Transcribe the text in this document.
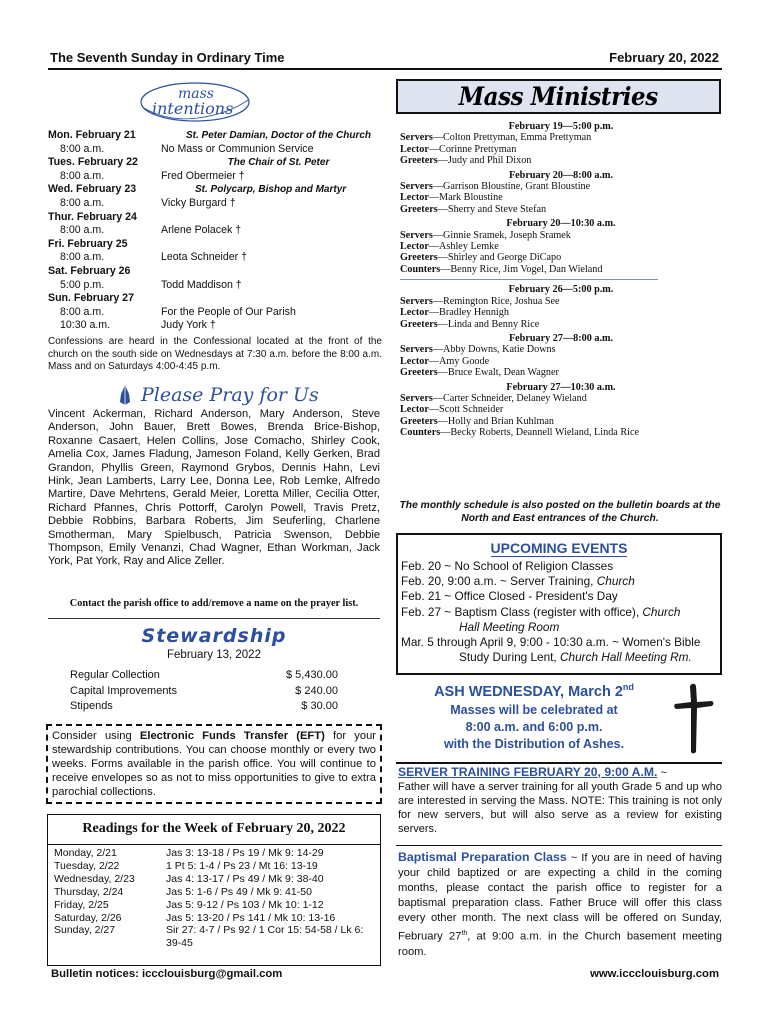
The Seventh Sunday in Ordinary Time	February 20, 2022
mass
intentions
Mon. February 21	St. Peter Damian, Doctor of the Church
8:00 a.m.	No Mass or Communion Service
Tues. February 22	The Chair of St. Peter
8:00 a.m.	Fred Obermeier †
Wed. February 23	St. Polycarp, Bishop and Martyr
8:00 a.m.	Vicky Burgard †
Thur. February 24
8:00 a.m.	Arlene Polacek †
Fri. February 25
8:00 a.m.	Leota Schneider †
Sat. February 26
5:00 p.m.	Todd Maddison †
Sun. February 27
8:00 a.m.	For the People of Our Parish
10:30 a.m.	Judy York †
Confessions are heard in the Confessional located at the front of the church on the south side on Wednesdays at 7:30 a.m. before the 8:00 a.m. Mass and on Saturdays 4:00-4:45 p.m.
Please Pray for Us
Vincent Ackerman, Richard Anderson, Mary Anderson, Steve Anderson, John Bauer, Brett Bowes, Brenda Brice-Bishop, Roxanne Casaert, Helen Collins, Jose Comacho, Shirley Cook, Amelia Cox, James Fladung, Jameson Foland, Kelly Gerken, Brad Grandon, Phyllis Green, Raymond Grybos, Dennis Hahn, Levi Hink, Jean Lamberts, Larry Lee, Donna Lee, Rob Lemke, Alfredo Martire, Dave Mehrtens, Gerald Meier, Loretta Miller, Cecilia Otter, Richard Pfannes, Chris Pottorff, Carolyn Powell, Travis Pretz, Debbie Robbins, Barbara Roberts, Jim Seuferling, Charlene Smotherman, Mary Spielbusch, Patricia Swenson, Debbie Thompson, Emily Venanzi, Chad Wagner, Ethan Workman, Jack York, Pat York, Ray and Alice Zeller.
Contact the parish office to add/remove a name on the prayer list.
Stewardship
February 13, 2022
Regular Collection	$ 5,430.00
Capital Improvements	$ 240.00
Stipends	$ 30.00
Consider using Electronic Funds Transfer (EFT) for your stewardship contributions. You can choose monthly or every two weeks. Forms available in the parish office. You will continue to receive envelopes so as not to miss opportunities to give to extra parochial collections.
Readings for the Week of February 20, 2022
Monday, 2/21	Jas 3: 13-18 / Ps 19 / Mk 9: 14-29
Tuesday, 2/22	1 Pt 5: 1-4 / Ps 23 / Mt 16: 13-19
Wednesday, 2/23	Jas 4: 13-17 / Ps 49 / Mk 9: 38-40
Thursday, 2/24	Jas 5: 1-6 / Ps 49 / Mk 9: 41-50
Friday, 2/25	Jas 5: 9-12 / Ps 103 / Mk 10: 1-12
Saturday, 2/26	Jas 5: 13-20 / Ps 141 / Mk 10: 13-16
Sunday, 2/27	Sir 27: 4-7 / Ps 92 / 1 Cor 15: 54-58 / Lk 6: 39-45
Bulletin notices: iccclouisburg@gmail.com	www.iccclouisburg.com
Mass Ministries
February 19—5:00 p.m.
Servers—Colton Prettyman, Emma Prettyman
Lector—Corinne Prettyman
Greeters—Judy and Phil Dixon
February 20—8:00 a.m.
Servers—Garrison Bloustine, Grant Bloustine
Lector—Mark Bloustine
Greeters—Sherry and Steve Stefan
February 20—10:30 a.m.
Servers—Ginnie Sramek, Joseph Sramek
Lector—Ashley Lemke
Greeters—Shirley and George DiCapo
Counters—Benny Rice, Jim Vogel, Dan Wieland
February 26—5:00 p.m.
Servers—Remington Rice, Joshua See
Lector—Bradley Hennigh
Greeters—Linda and Benny Rice
February 27—8:00 a.m.
Servers—Abby Downs, Katie Downs
Lector—Amy Goode
Greeters—Bruce Ewalt, Dean Wagner
February 27—10:30 a.m.
Servers—Carter Schneider, Delaney Wieland
Lector—Scott Schneider
Greeters—Holly and Brian Kuhlman
Counters—Becky Roberts, Deannell Wieland, Linda Rice
The monthly schedule is also posted on the bulletin boards at the North and East entrances of the Church.
UPCOMING EVENTS
Feb. 20 ~ No School of Religion Classes
Feb. 20, 9:00 a.m. ~ Server Training, Church
Feb. 21 ~ Office Closed - President's Day
Feb. 27 ~ Baptism Class (register with office), Church
Hall Meeting Room
Mar. 5 through April 9, 9:00 - 10:30 a.m. ~ Women's Bible
Study During Lent, Church Hall Meeting Rm.
ASH WEDNESDAY, March 2nd
Masses will be celebrated at
8:00 a.m. and 6:00 p.m.
with the Distribution of Ashes.
SERVER TRAINING FEBRUARY 20, 9:00 A.M. ~
Father will have a server training for all youth Grade 5 and up who are interested in serving the Mass. NOTE: This training is not only for new servers, but will also serve as a review for existing servers.
Baptismal Preparation Class ~ If you are in need of having your child baptized or are expecting a child in the coming months, please contact the parish office to register for a baptismal preparation class. Father Bruce will offer this class every other month. The next class will be offered on Sunday, February 27th, at 9:00 a.m. in the Church basement meeting room.
